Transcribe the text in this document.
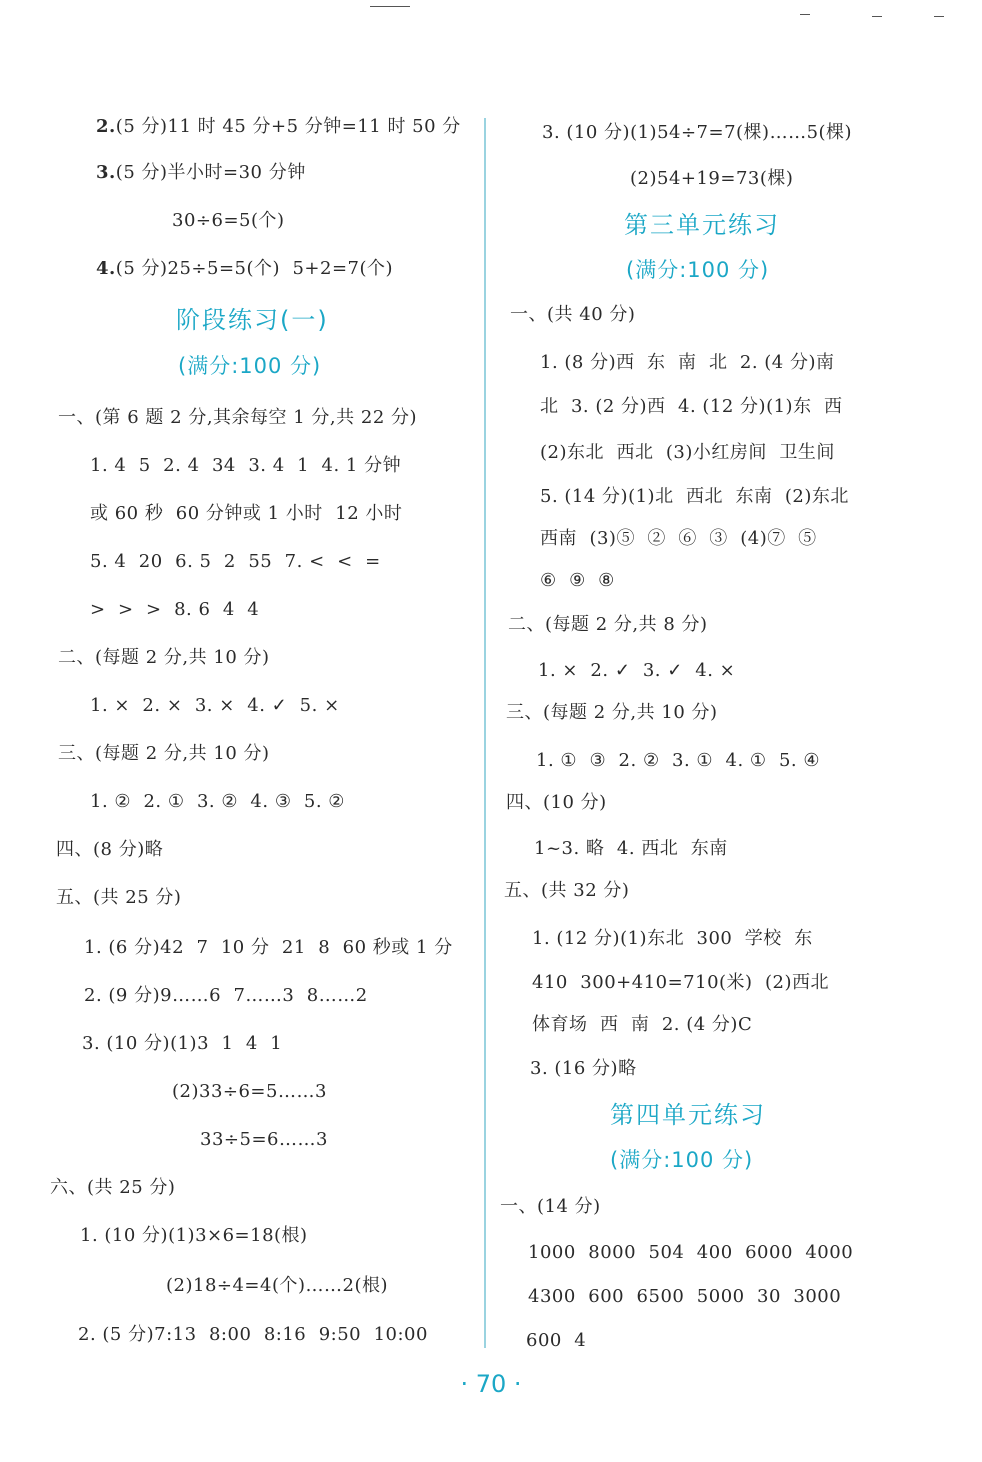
2.(5 分)11 时 45 分+5 分钟=11 时 50 分
3.(5 分)半小时=30 分钟
30÷6=5(个)
4.(5 分)25÷5=5(个)  5+2=7(个)
阶段练习(一)
(满分:100 分)
一、(第 6 题 2 分,其余每空 1 分,共 22 分)
1. 4  5  2. 4  34  3. 4  1  4. 1 分钟
或 60 秒  60 分钟或 1 小时  12 小时
5. 4  20  6. 5  2  55  7. <  <  =
>  >  >  8. 6  4  4
二、(每题 2 分,共 10 分)
1. ×  2. ×  3. ×  4. ✓  5. ×
三、(每题 2 分,共 10 分)
1. ②  2. ①  3. ②  4. ③  5. ②
四、(8 分)略
五、(共 25 分)
1. (6 分)42  7  10 分  21  8  60 秒或 1 分
2. (9 分)9……6  7……3  8……2
3. (10 分)(1)3  1  4  1
(2)33÷6=5……3
33÷5=6……3
六、(共 25 分)
1. (10 分)(1)3×6=18(根)
(2)18÷4=4(个)……2(根)
2. (5 分)7:13  8:00  8:16  9:50  10:00
3. (10 分)(1)54÷7=7(棵)……5(棵)
(2)54+19=73(棵)
第三单元练习
(满分:100 分)
一、(共 40 分)
1. (8 分)西  东  南  北  2. (4 分)南
北  3. (2 分)西  4. (12 分)(1)东  西
(2)东北  西北  (3)小红房间  卫生间
5. (14 分)(1)北  西北  东南  (2)东北
西南  (3)⑤  ②  ⑥  ③  (4)⑦  ⑤
⑥  ⑨  ⑧
二、(每题 2 分,共 8 分)
1. ×  2. ✓  3. ✓  4. ×
三、(每题 2 分,共 10 分)
1. ①  ③  2. ②  3. ①  4. ①  5. ④
四、(10 分)
1~3. 略  4. 西北  东南
五、(共 32 分)
1. (12 分)(1)东北  300  学校  东
410  300+410=710(米)  (2)西北
体育场  西  南  2. (4 分)C
3. (16 分)略
第四单元练习
(满分:100 分)
一、(14 分)
1000  8000  504  400  6000  4000
4300  600  6500  5000  30  3000
600  4
· 70 ·
